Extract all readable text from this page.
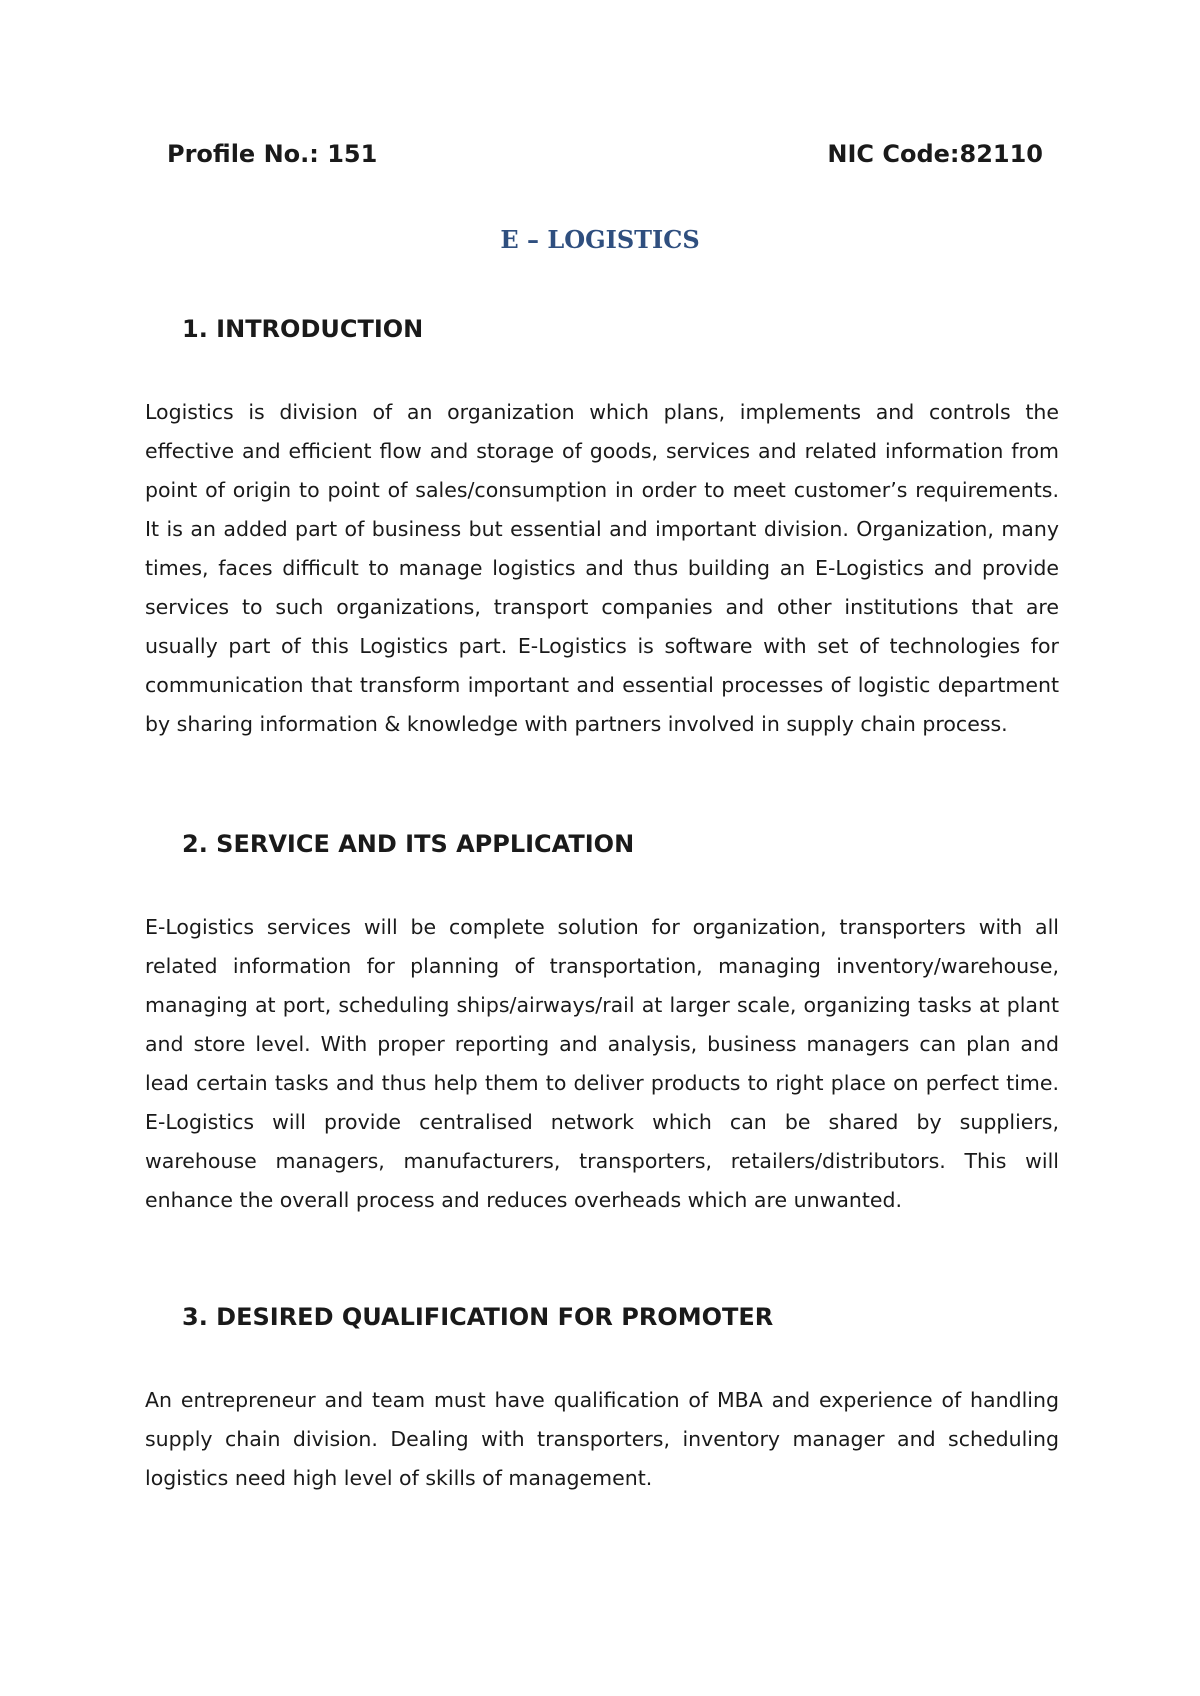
Profile No.: 151	NIC Code:82110
E – LOGISTICS
1. INTRODUCTION

Logistics is division of an organization which plans, implements and controls the effective and efficient flow and storage of goods, services and related information from point of origin to point of sales/consumption in order to meet customer’s requirements. It is an added part of business but essential and important division. Organization, many times, faces difficult to manage logistics and thus building an E-Logistics and provide services to such organizations, transport companies and other institutions that are usually part of this Logistics part. E-Logistics is software with set of technologies for communication that transform important and essential processes of logistic department by sharing information & knowledge with partners involved in supply chain process.

2. SERVICE AND ITS APPLICATION

E-Logistics services will be complete solution for organization, transporters with all related information for planning of transportation, managing inventory/warehouse, managing at port, scheduling ships/airways/rail at larger scale, organizing tasks at plant and store level. With proper reporting and analysis, business managers can plan and lead certain tasks and thus help them to deliver products to right place on perfect time. E-Logistics will provide centralised network which can be shared by suppliers, warehouse managers, manufacturers, transporters, retailers/distributors. This will enhance the overall process and reduces overheads which are unwanted.

3. DESIRED QUALIFICATION FOR PROMOTER

An entrepreneur and team must have qualification of MBA and experience of handling supply chain division. Dealing with transporters, inventory manager and scheduling logistics need high level of skills of management.
